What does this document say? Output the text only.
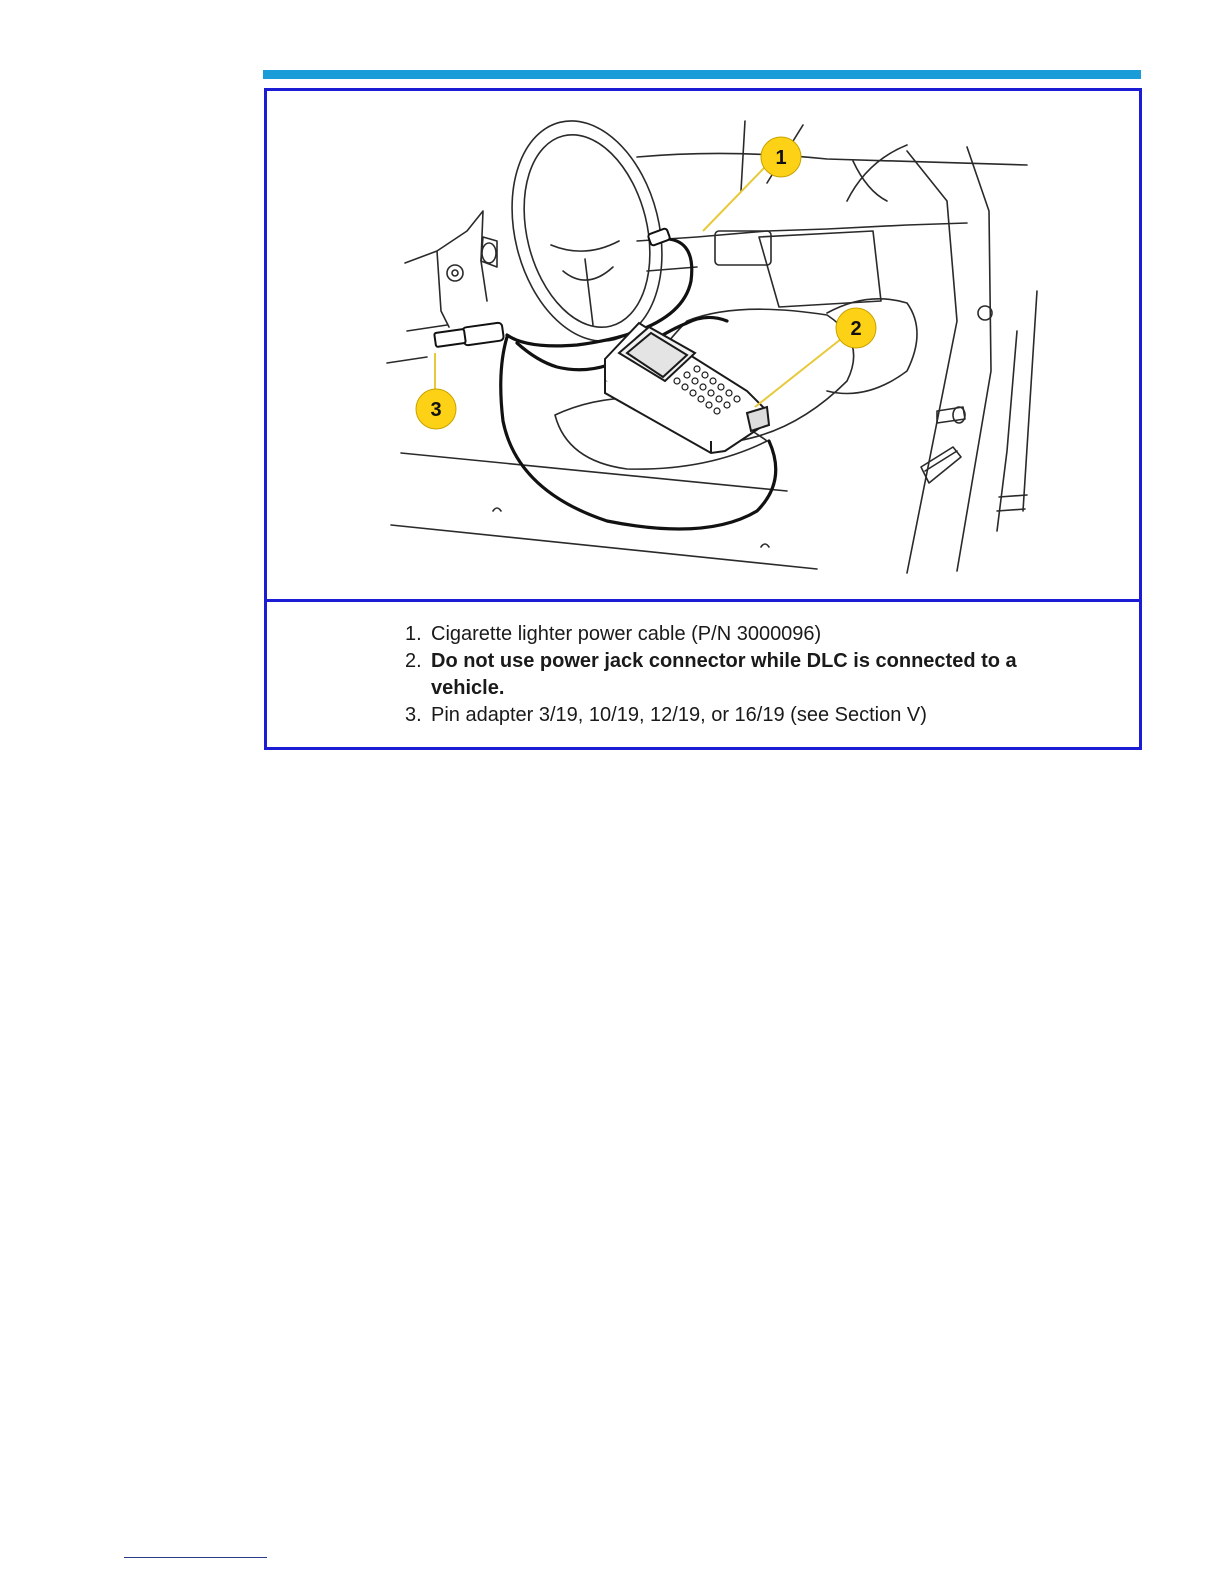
1
2
3
1. Cigarette lighter power cable (P/N 3000096)
2. Do not use power jack connector while DLC is connected to a vehicle.
3. Pin adapter 3/19, 10/19, 12/19, or 16/19 (see Section V)
